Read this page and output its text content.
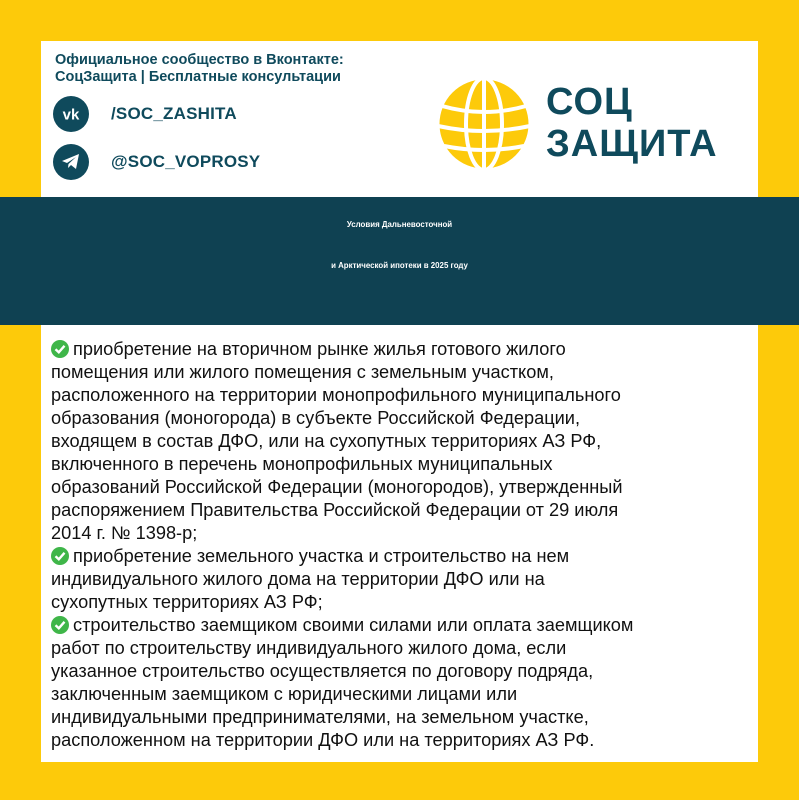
Официальное сообщество в Вконтакте:
СоцЗащита | Бесплатные консультации
vk /SOC_ZASHITA
@SOC_VOPROSY
СОЦ
ЗАЩИТА
Условия Дальневосточной
и Арктической ипотеки в 2025 году
приобретение на вторичном рынке жилья готового жилого
помещения или жилого помещения с земельным участком,
расположенного на территории монопрофильного муниципального
образования (моногорода) в субъекте Российской Федерации,
входящем в состав ДФО, или на сухопутных территориях АЗ РФ,
включенного в перечень монопрофильных муниципальных
образований Российской Федерации (моногородов), утвержденный
распоряжением Правительства Российской Федерации от 29 июля
2014 г. № 1398-р;
приобретение земельного участка и строительство на нем
индивидуального жилого дома на территории ДФО или на
сухопутных территориях АЗ РФ;
строительство заемщиком своими силами или оплата заемщиком
работ по строительству индивидуального жилого дома, если
указанное строительство осуществляется по договору подряда,
заключенным заемщиком с юридическими лицами или
индивидуальными предпринимателями, на земельном участке,
расположенном на территории ДФО или на территориях АЗ РФ.
